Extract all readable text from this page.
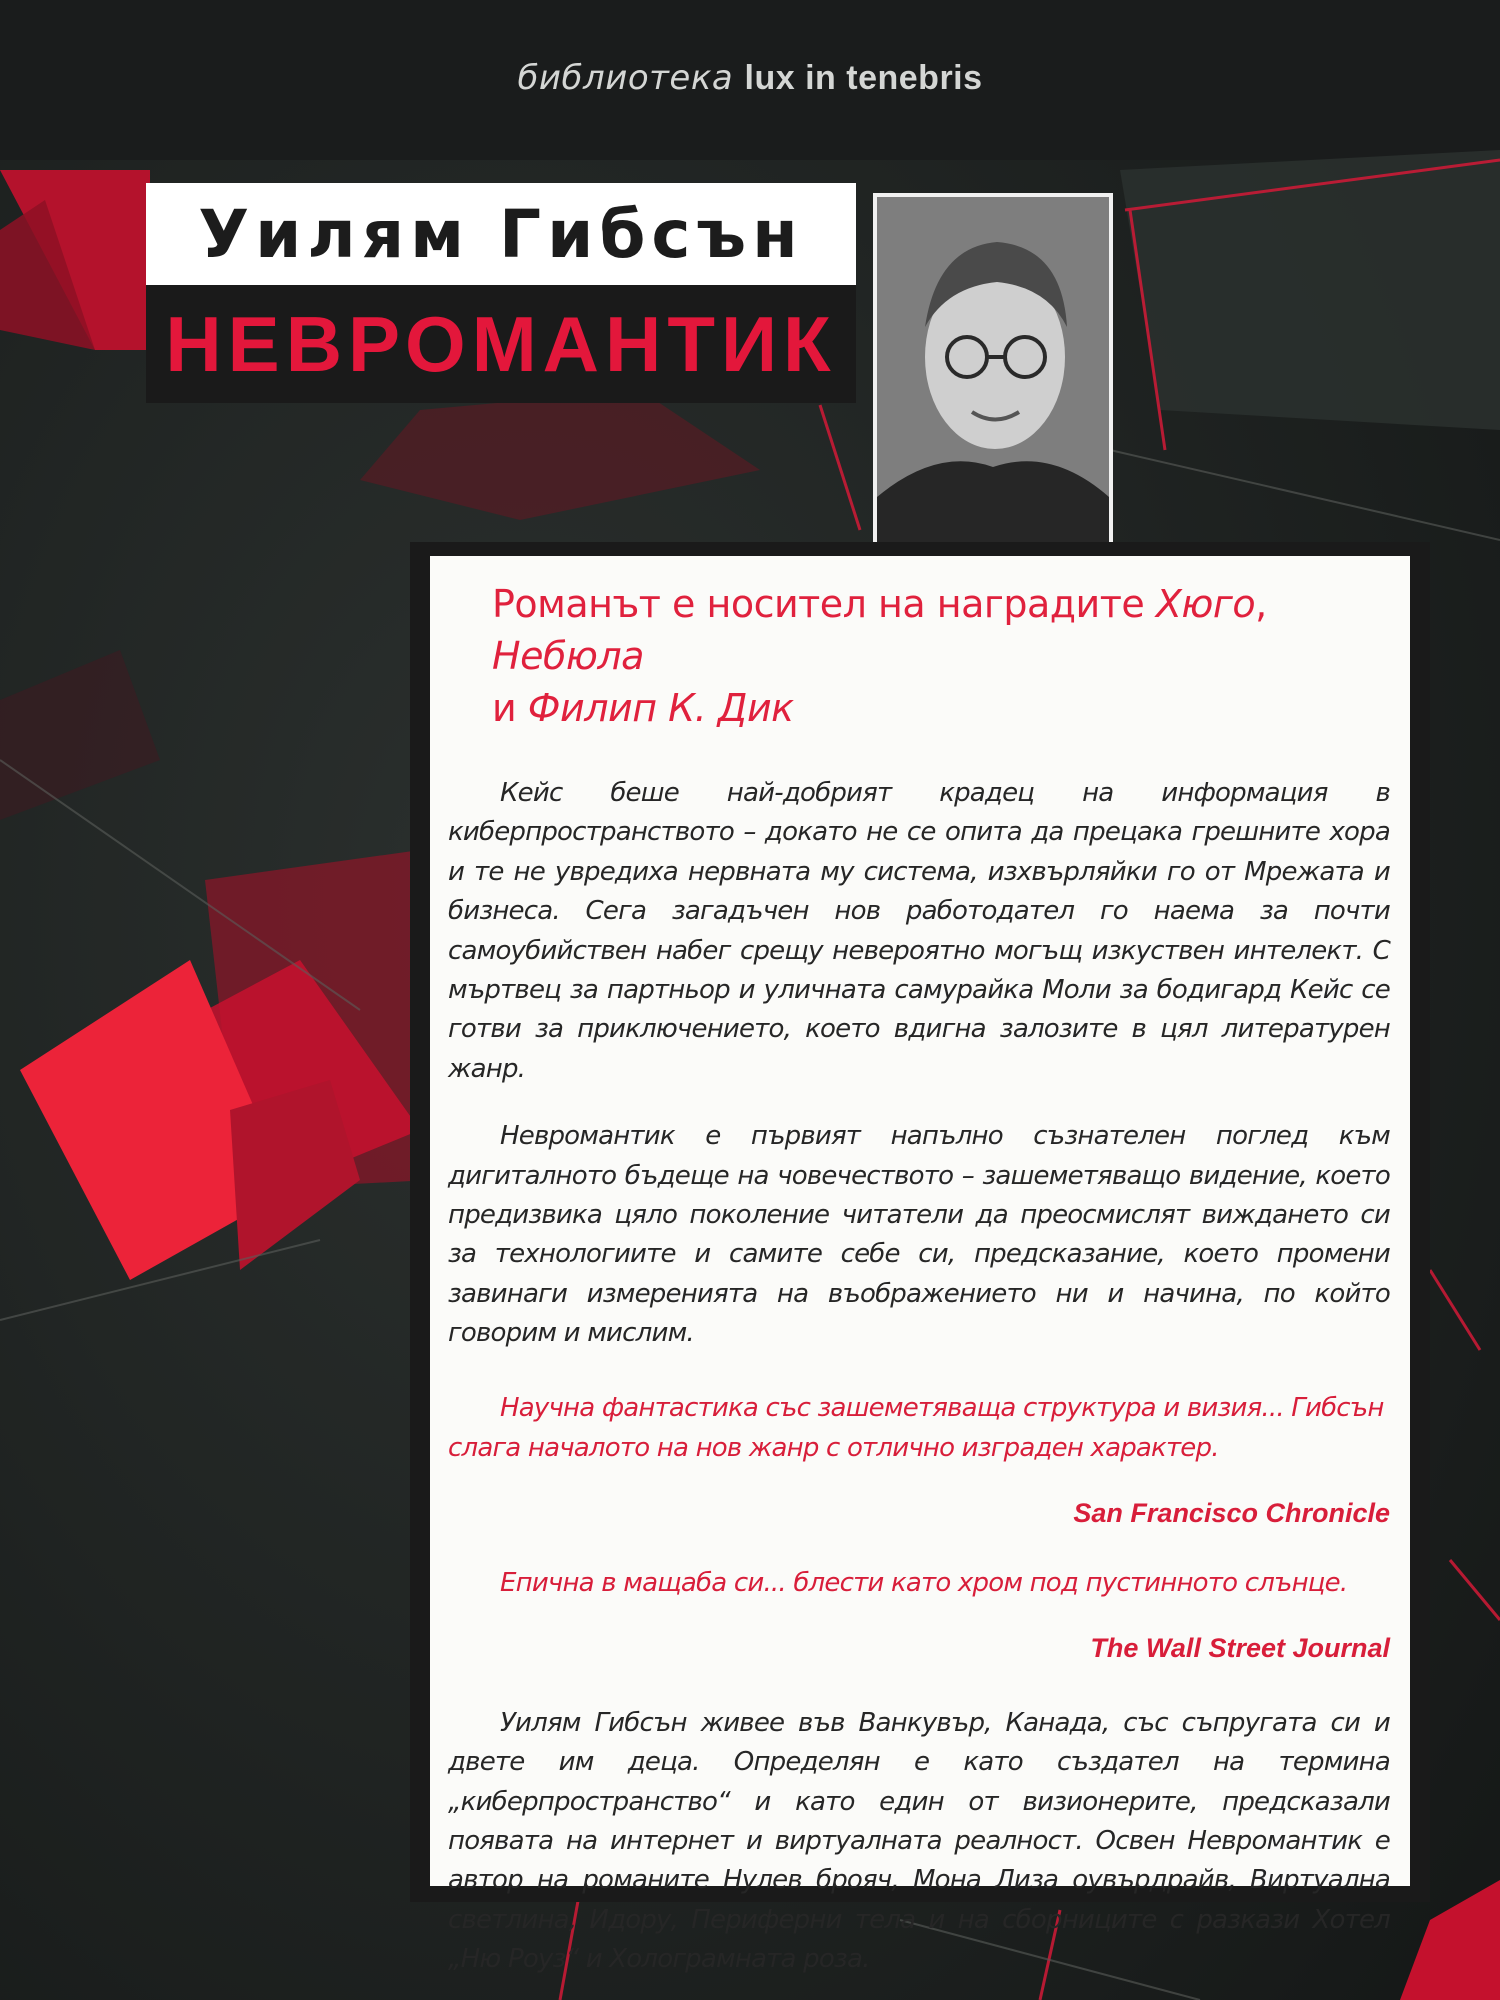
библиотека lux in tenebris
Уилям Гибсън
НЕВРОМАНТИК

Романът е носител на наградите Хюго, Небюла
и Филип К. Дик

Кейс беше най-добрият крадец на информация в киберпространството – докато не се опита да прецака грешните хора и те не увредиха нервната му система, изхвърляйки го от Мрежата и бизнеса. Сега загадъчен нов работодател го наема за почти самоубийствен набег срещу невероятно могъщ изкуствен интелект. С мъртвец за партньор и уличната самурайка Моли за бодигард Кейс се готви за приключението, което вдигна залозите в цял литературен жанр.

Невромантик е първият напълно съзнателен поглед към дигиталното бъдеще на човечеството – зашеметяващо видение, което предизвика цяло поколение читатели да преосмислят виждането си за технологиите и самите себе си, предсказание, което промени завинаги измеренията на въображението ни и начина, по който говорим и мислим.

Научна фантастика със зашеметяваща структура и визия... Гибсън слага началото на нов жанр с отлично изграден характер.

San Francisco Chronicle

Епична в мащаба си... блести като хром под пустинното слънце.

The Wall Street Journal

Уилям Гибсън живее във Ванкувър, Канада, със съпругата си и двете им деца. Определян е като създател на термина „киберпространство“ и като един от визионерите, предсказали появата на интернет и виртуалната реалност. Освен Невромантик е автор на романите Нулев брояч, Мона Лиза оувърдрайв, Виртуална светлина, Идору, Периферни тела и на сборниците с разкази Хотел „Ню Роуз“ и Холограмната роза.
